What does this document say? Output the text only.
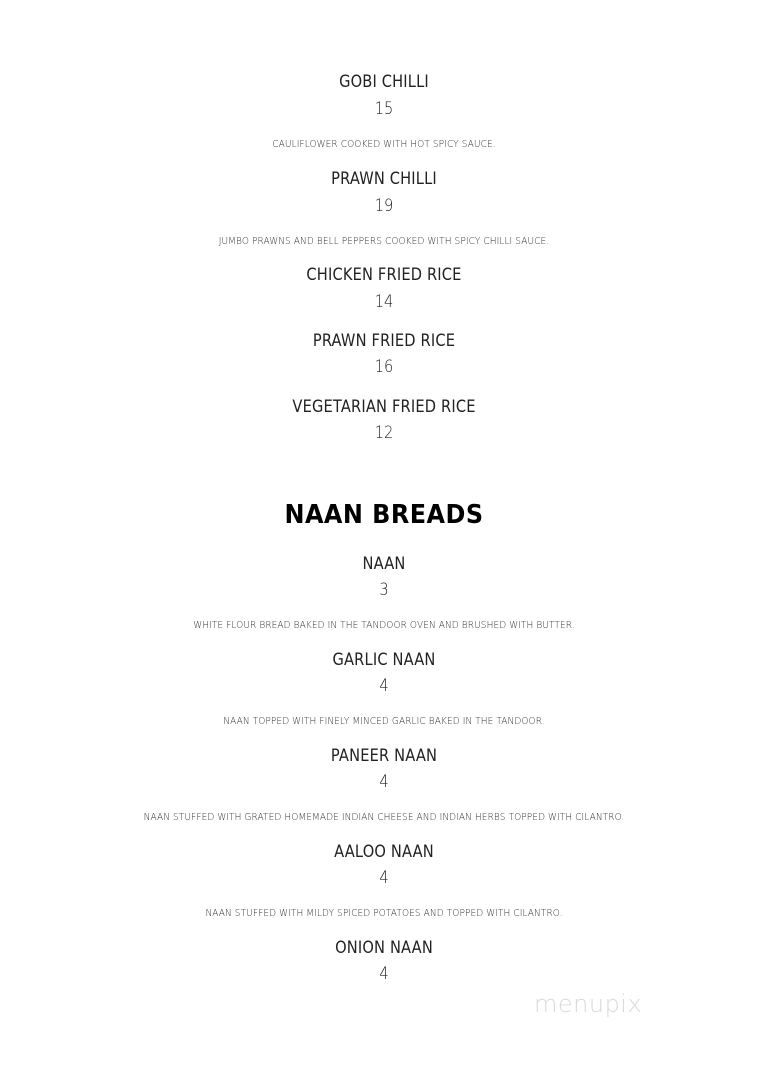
GOBI CHILLI
15
CAULIFLOWER COOKED WITH HOT SPICY SAUCE.
PRAWN CHILLI
19
JUMBO PRAWNS AND BELL PEPPERS COOKED WITH SPICY CHILLI SAUCE.
CHICKEN FRIED RICE
14
PRAWN FRIED RICE
16
VEGETARIAN FRIED RICE
12
NAAN BREADS
NAAN
3
WHITE FLOUR BREAD BAKED IN THE TANDOOR OVEN AND BRUSHED WITH BUTTER.
GARLIC NAAN
4
NAAN TOPPED WITH FINELY MINCED GARLIC BAKED IN THE TANDOOR.
PANEER NAAN
4
NAAN STUFFED WITH GRATED HOMEMADE INDIAN CHEESE AND INDIAN HERBS TOPPED WITH CILANTRO.
AALOO NAAN
4
NAAN STUFFED WITH MILDY SPICED POTATOES AND TOPPED WITH CILANTRO.
ONION NAAN
4
menupix
